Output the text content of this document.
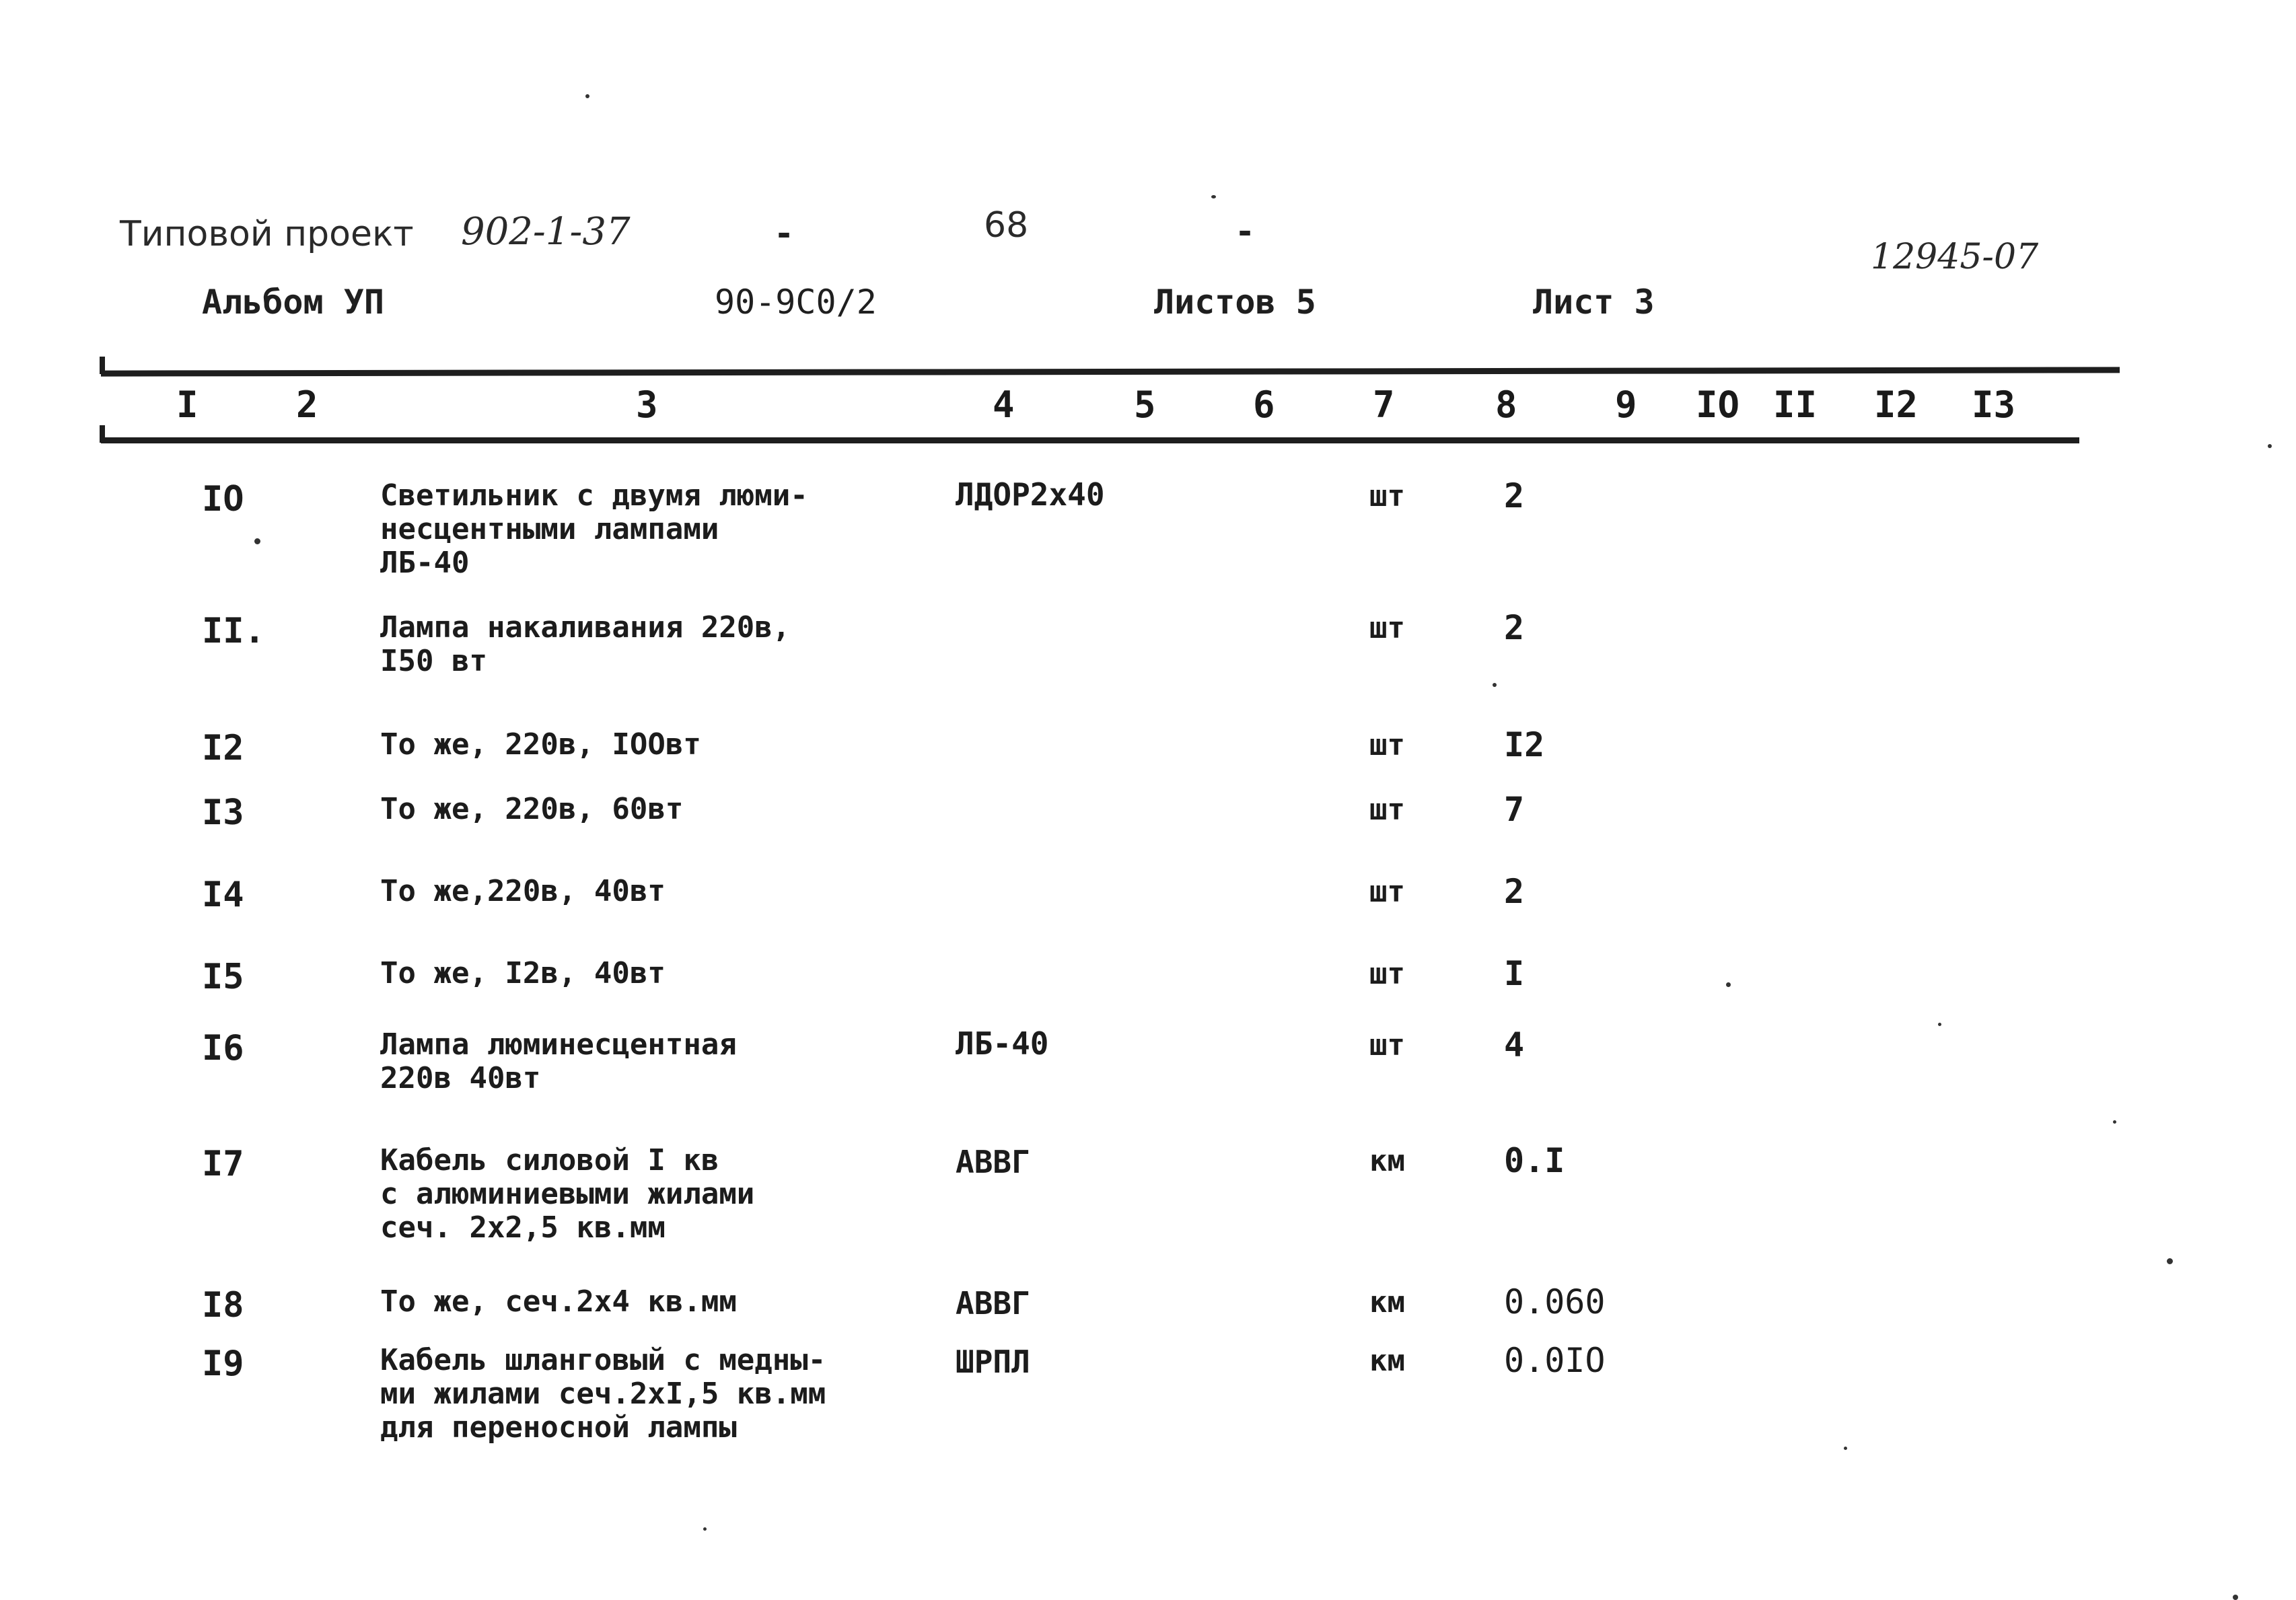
Типовой проект 902-1-37	-	68	-
12945-07
Альбом УП	90-9С0/2	Листов 5	Лист 3
I	2	3	4	5	6	7	8	9 IO II I2 I3
IO	Светильник с двумя люми-
несцентными лампами
ЛБ-40
ЛДОР2х40	шт	2
II.	Лампа накаливания 220в,
I50 вт
шт	2
I2	То же, 220в, IOOвт	шт	I2
I3	То же, 220в, 60вт	шт	7
I4	То же,220в, 40вт	шт	2
I5	То же, I2в, 40вт	шт	I
I6	Лампа люминесцентная
220в 40вт
ЛБ-40	шт	4
I7	Кабель силовой I кв
с алюминиевыми жилами
сеч. 2х2,5 кв.мм
АВВГ	км	0.I
I8	То же, сеч.2х4 кв.мм	АВВГ	км	0.060
I9	Кабель шланговый с медны-
ми жилами сеч.2хI,5 кв.мм
для переносной лампы
ШРПЛ	км	0.0IO
